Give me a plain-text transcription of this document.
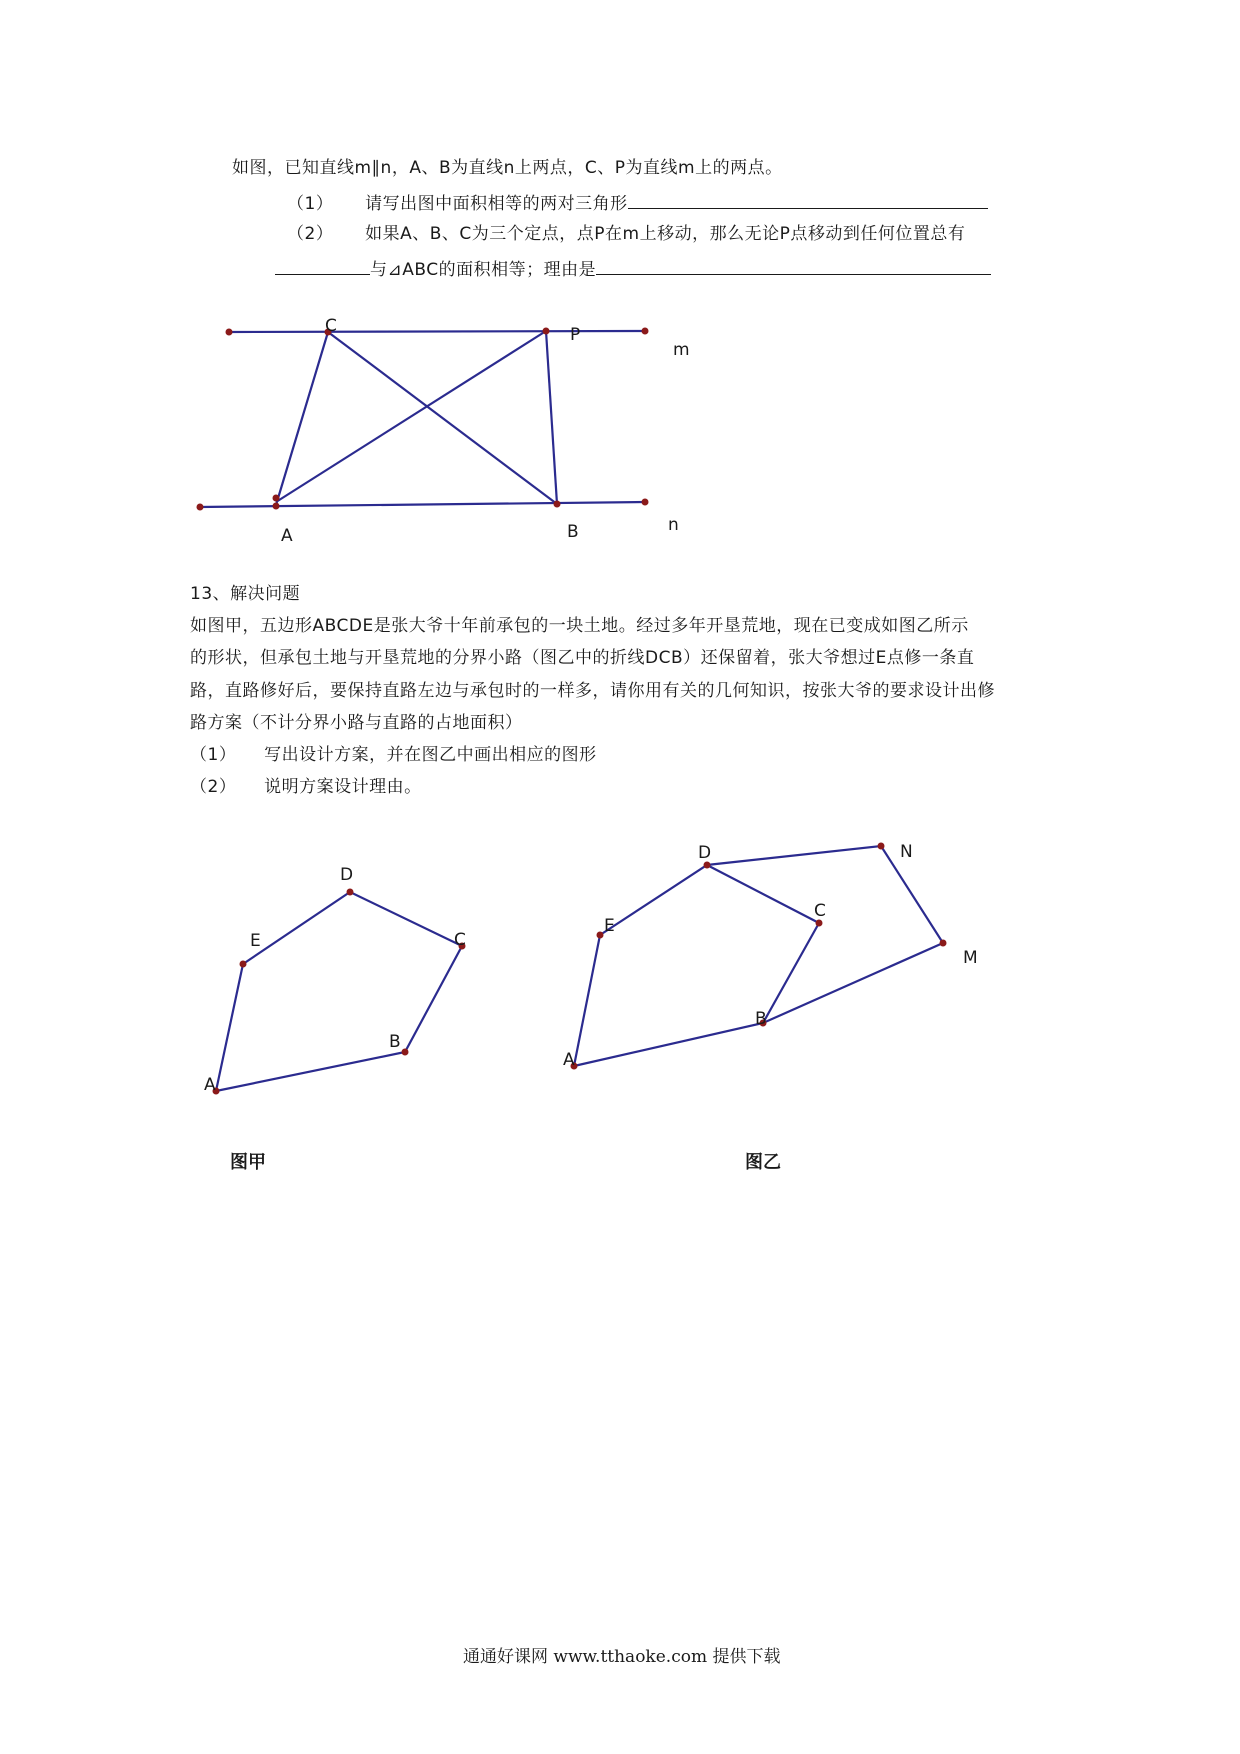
如图，已知直线m∥n，A、B为直线n上两点，C、P为直线m上的两点。
（1） 请写出图中面积相等的两对三角形
（2） 如果A、B、C为三个定点，点P在m上移动，那么无论P点移动到任何位置总有
与⊿ABC的面积相等；理由是
C	P
m
A	B	n
13、解决问题
如图甲，五边形ABCDE是张大爷十年前承包的一块土地。经过多年开垦荒地，现在已变成如图乙所示
的形状，但承包土地与开垦荒地的分界小路（图乙中的折线DCB）还保留着，张大爷想过E点修一条直
路，直路修好后，要保持直路左边与承包时的一样多，请你用有关的几何知识，按张大爷的要求设计出修
路方案（不计分界小路与直路的占地面积）
（1） 写出设计方案，并在图乙中画出相应的图形
（2） 说明方案设计理由。
A
B
C
D
E
图甲
A
B
C
D
E
N
M
图乙
通通好课网 www.tthaoke.com 提供下载
